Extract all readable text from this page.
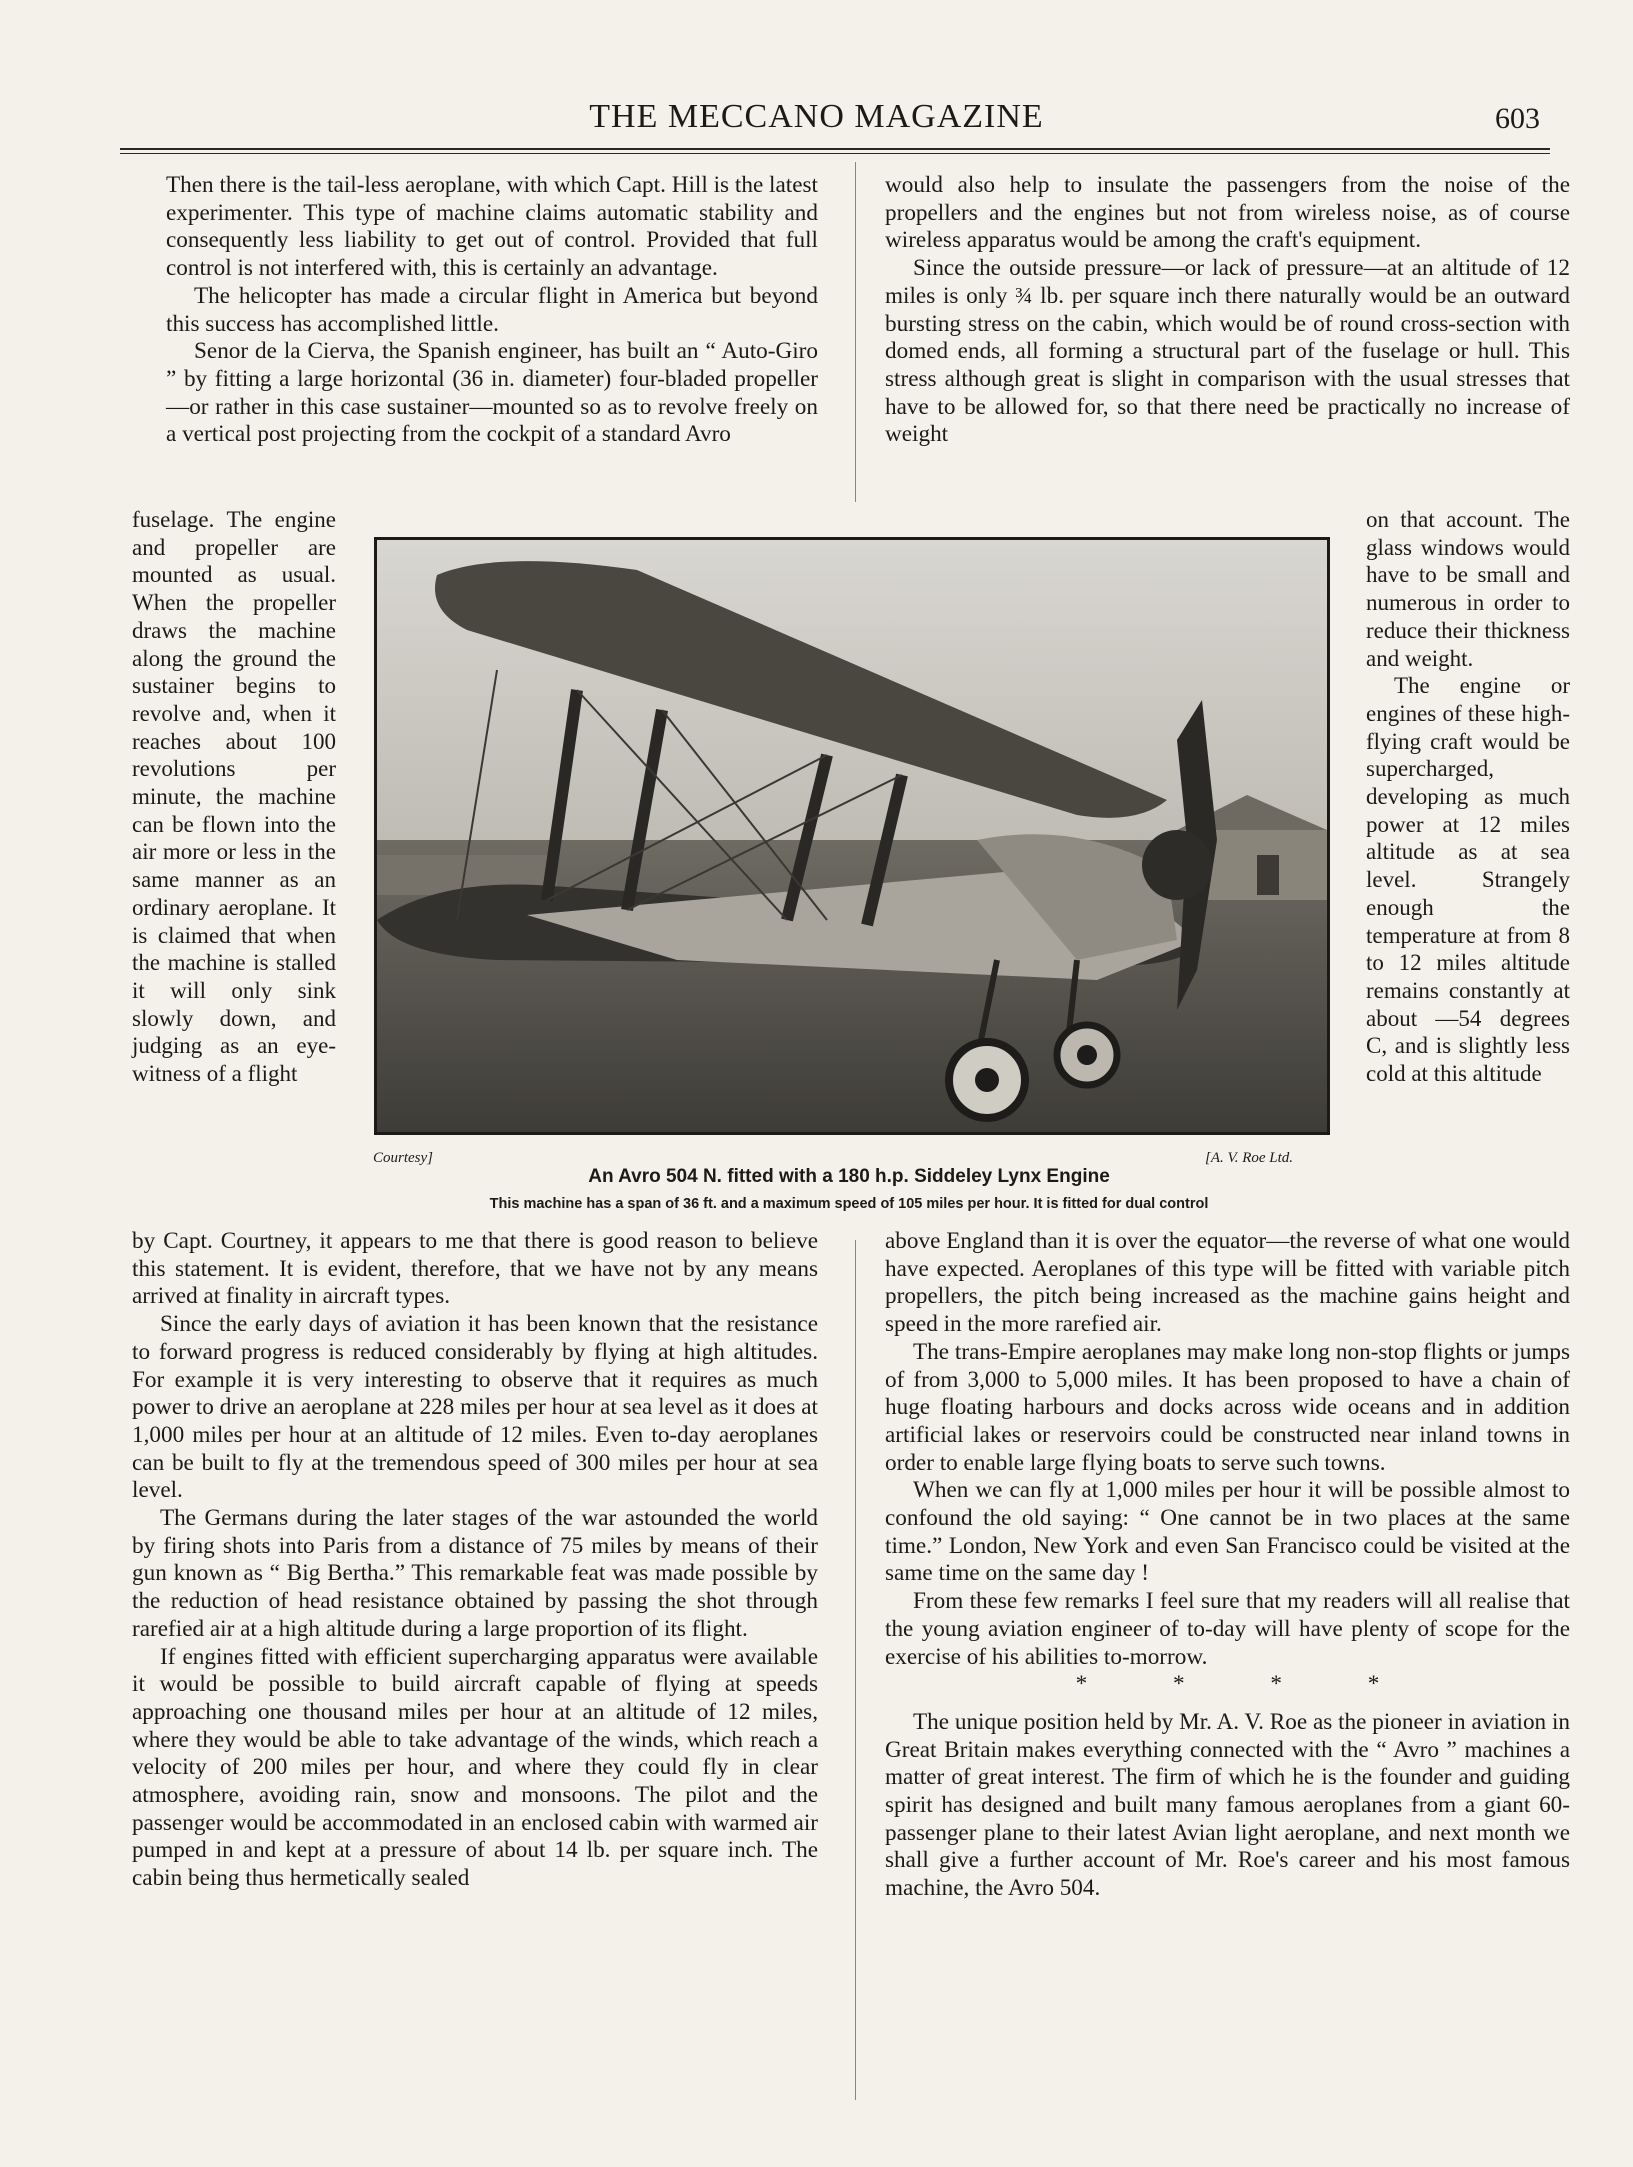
THE MECCANO MAGAZINE	603

Then there is the tail-less aeroplane, with which Capt. Hill is the latest experimenter. This type of machine claims automatic stability and consequently less liability to get out of control. Provided that full control is not interfered with, this is certainly an advantage.

The helicopter has made a circular flight in America but beyond this success has accomplished little.

Senor de la Cierva, the Spanish engineer, has built an “ Auto-Giro ” by fitting a large horizontal (36 in. diameter) four-bladed propeller—or rather in this case sustainer—mounted so as to revolve freely on a vertical post projecting from the cockpit of a standard Avro

fuselage. The engine and propeller are mounted as usual. When the propeller draws the machine along the ground the sustainer begins to revolve and, when it reaches about 100 revolutions per minute, the machine can be flown into the air more or less in the same manner as an ordinary aeroplane. It is claimed that when the machine is stalled it will only sink slowly down, and judging as an eye-witness of a flight

Courtesy]	[A. V. Roe Ltd.
An Avro 504 N. fitted with a 180 h.p. Siddeley Lynx Engine
This machine has a span of 36 ft. and a maximum speed of 105 miles per hour. It is fitted for dual control

by Capt. Courtney, it appears to me that there is good reason to believe this statement. It is evident, therefore, that we have not by any means arrived at finality in aircraft types.

Since the early days of aviation it has been known that the resistance to forward progress is reduced considerably by flying at high altitudes. For example it is very interesting to observe that it requires as much power to drive an aeroplane at 228 miles per hour at sea level as it does at 1,000 miles per hour at an altitude of 12 miles. Even to-day aeroplanes can be built to fly at the tremendous speed of 300 miles per hour at sea level.

The Germans during the later stages of the war astounded the world by firing shots into Paris from a distance of 75 miles by means of their gun known as “ Big Bertha.” This remarkable feat was made possible by the reduction of head resistance obtained by passing the shot through rarefied air at a high altitude during a large proportion of its flight.

If engines fitted with efficient supercharging apparatus were available it would be possible to build aircraft capable of flying at speeds approaching one thousand miles per hour at an altitude of 12 miles, where they would be able to take advantage of the winds, which reach a velocity of 200 miles per hour, and where they could fly in clear atmosphere, avoiding rain, snow and monsoons. The pilot and the passenger would be accommodated in an enclosed cabin with warmed air pumped in and kept at a pressure of about 14 lb. per square inch. The cabin being thus hermetically sealed

would also help to insulate the passengers from the noise of the propellers and the engines but not from wireless noise, as of course wireless apparatus would be among the craft's equipment.

Since the outside pressure—or lack of pressure—at an altitude of 12 miles is only ¾ lb. per square inch there naturally would be an outward bursting stress on the cabin, which would be of round cross-section with domed ends, all forming a structural part of the fuselage or hull. This stress although great is slight in comparison with the usual stresses that have to be allowed for, so that there need be practically no increase of weight

on that account. The glass windows would have to be small and numerous in order to reduce their thickness and weight.

The engine or engines of these high-flying craft would be supercharged, developing as much power at 12 miles altitude as at sea level. Strangely enough the temperature at from 8 to 12 miles altitude remains constantly at about —54 degrees C, and is slightly less cold at this altitude

above England than it is over the equator—the reverse of what one would have expected. Aeroplanes of this type will be fitted with variable pitch propellers, the pitch being increased as the machine gains height and speed in the more rarefied air.

The trans-Empire aeroplanes may make long non-stop flights or jumps of from 3,000 to 5,000 miles. It has been proposed to have a chain of huge floating harbours and docks across wide oceans and in addition artificial lakes or reservoirs could be constructed near inland towns in order to enable large flying boats to serve such towns.

When we can fly at 1,000 miles per hour it will be possible almost to confound the old saying: “ One cannot be in two places at the same time.” London, New York and even San Francisco could be visited at the same time on the same day !

From these few remarks I feel sure that my readers will all realise that the young aviation engineer of to-day will have plenty of scope for the exercise of his abilities to-morrow.

* * * *

The unique position held by Mr. A. V. Roe as the pioneer in aviation in Great Britain makes everything connected with the “ Avro ” machines a matter of great interest. The firm of which he is the founder and guiding spirit has designed and built many famous aeroplanes from a giant 60-passenger plane to their latest Avian light aeroplane, and next month we shall give a further account of Mr. Roe's career and his most famous machine, the Avro 504.
